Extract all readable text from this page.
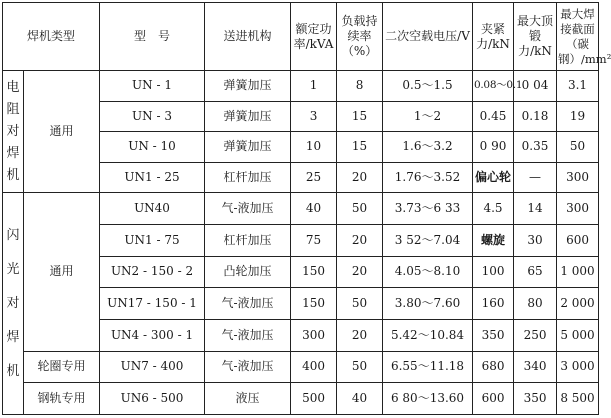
焊机类型		型　号	送进机构	额定功率/kVA	负载持续率（%）	二次空载电压/V	夹紧力/kN	最大顶锻力/kN	最大焊接截面（碳钢）/mm²

电阻对焊机	通用	UN - 1	弹簧加压	1	8	0.5～1.5	0.08～0.1	0 04	3.1
		UN - 3	弹簧加压	3	15	1～2	0.45	0.18	19
		UN - 10	弹簧加压	10	15	1.6～3.2	0 90	0.35	50
		UN1 - 25	杠杆加压	25	20	1.76～3.52	偏心轮	—	300

闪光对焊机	通用	UN40	气-液加压	40	50	3.73～6 33	4.5	14	300
		UN1 - 75	杠杆加压	75	20	3 52～7.04	螺旋	30	600
		UN2 - 150 - 2	凸轮加压	150	20	4.05～8.10	100	65	1 000
		UN17 - 150 - 1	气-液加压	150	50	3.80～7.60	160	80	2 000
		UN4 - 300 - 1	气-液加压	300	20	5.42～10.84	350	250	5 000
	轮圈专用	UN7 - 400	气-液加压	400	50	6.55～11.18	680	340	3 000
	钢轨专用	UN6 - 500	液压	500	40	6 80～13.60	600	350	8 500
